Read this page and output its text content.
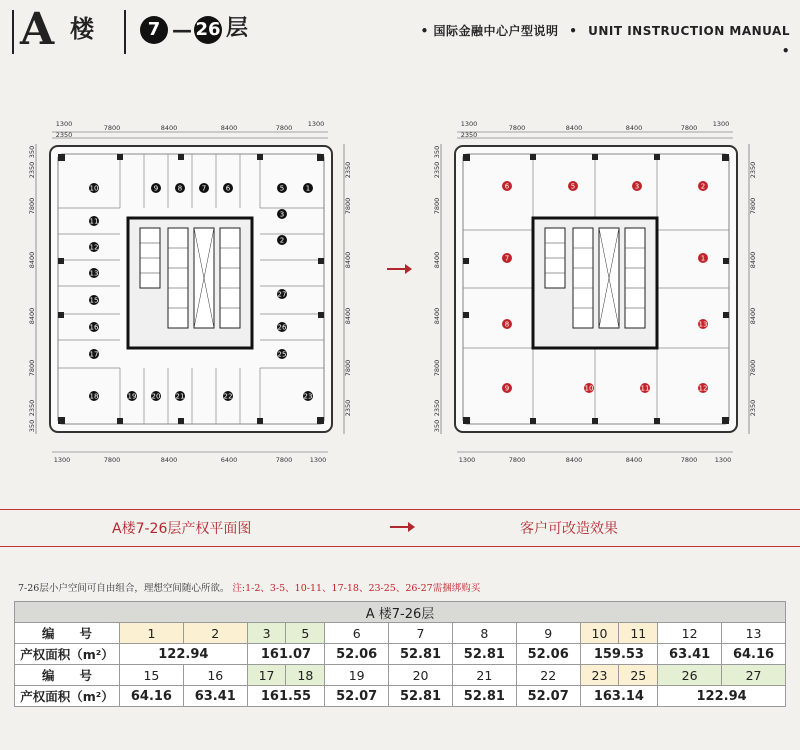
A 楼	7 — 26 层	• 国际金融中心户型说明 • UNIT INSTRUCTION MANUAL •
1300
2350
7800	8400	8400	7800 1300
1300	7800	8400	6400	7800	1300
350
2350
7800
8400
8400
7800
2350
350
2350
7800
8400
8400
7800
2350
1
2
3
5
6
7
8
9
10
11
12
13
15
16
17
18	19 20 21	22	23
25
26
27
1300
2350
7800	8400	8400	7800 1300
1300	7800	8400	8400	7800	1300
350
2350
7800
8400
8400
7800
2350
350
2350
7800
8400
8400
7800
2350
1
2
3
5
6
7
8
9	10	11	12
13
A楼7-26层产权平面图	客户可改造效果
7-26层小户空间可自由组合，理想空间随心所欲。 注:1-2、3-5、10-11、17-18、23-25、26-27需捆绑购买
A 楼7-26层												
编　　号	1	2	3	5	6	7	8	9	10	11	12	13
产权面积（m²）	122.94		161.07		52.06	52.81	52.81	52.06	159.53		63.41	64.16
编　　号	15	16	17	18	19	20	21	22	23	25	26	27
产权面积（m²）	64.16	63.41	161.55		52.07	52.81	52.81	52.07	163.14		122.94	
